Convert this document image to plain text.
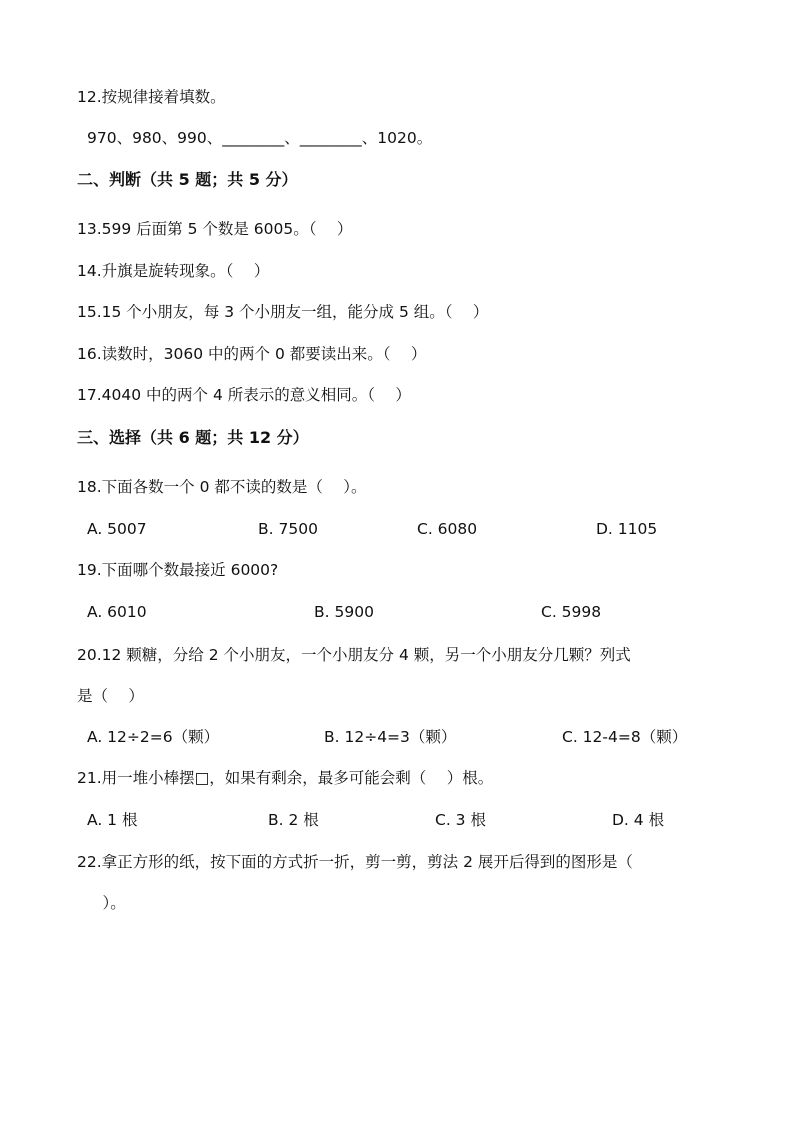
12.按规律接着填数。
970、980、990、________、________、1020。
二、判断（共 5 题；共 5 分）
13.599 后面第 5 个数是 6005。（　 ）
14.升旗是旋转现象。（　 ）
15.15 个小朋友，每 3 个小朋友一组，能分成 5 组。（　 ）
16.读数时，3060 中的两个 0 都要读出来。（　 ）
17.4040 中的两个 4 所表示的意义相同。（　 ）
三、选择（共 6 题；共 12 分）
18.下面各数一个 0 都不读的数是（　 ）。
A. 5007	B. 7500	C. 6080	D. 1105
19.下面哪个数最接近 6000?
A. 6010	B. 5900	C. 5998
20.12 颗糖，分给 2 个小朋友，一个小朋友分 4 颗，另一个小朋友分几颗？列式
是（　 ）
A. 12÷2=6（颗）	B. 12÷4=3（颗）	C. 12-4=8（颗）
21.用一堆小棒摆□，如果有剩余，最多可能会剩（　 ）根。
A. 1 根	B. 2 根	C. 3 根	D. 4 根
22.拿正方形的纸，按下面的方式折一折，剪一剪，剪法 2 展开后得到的图形是（
　）。
